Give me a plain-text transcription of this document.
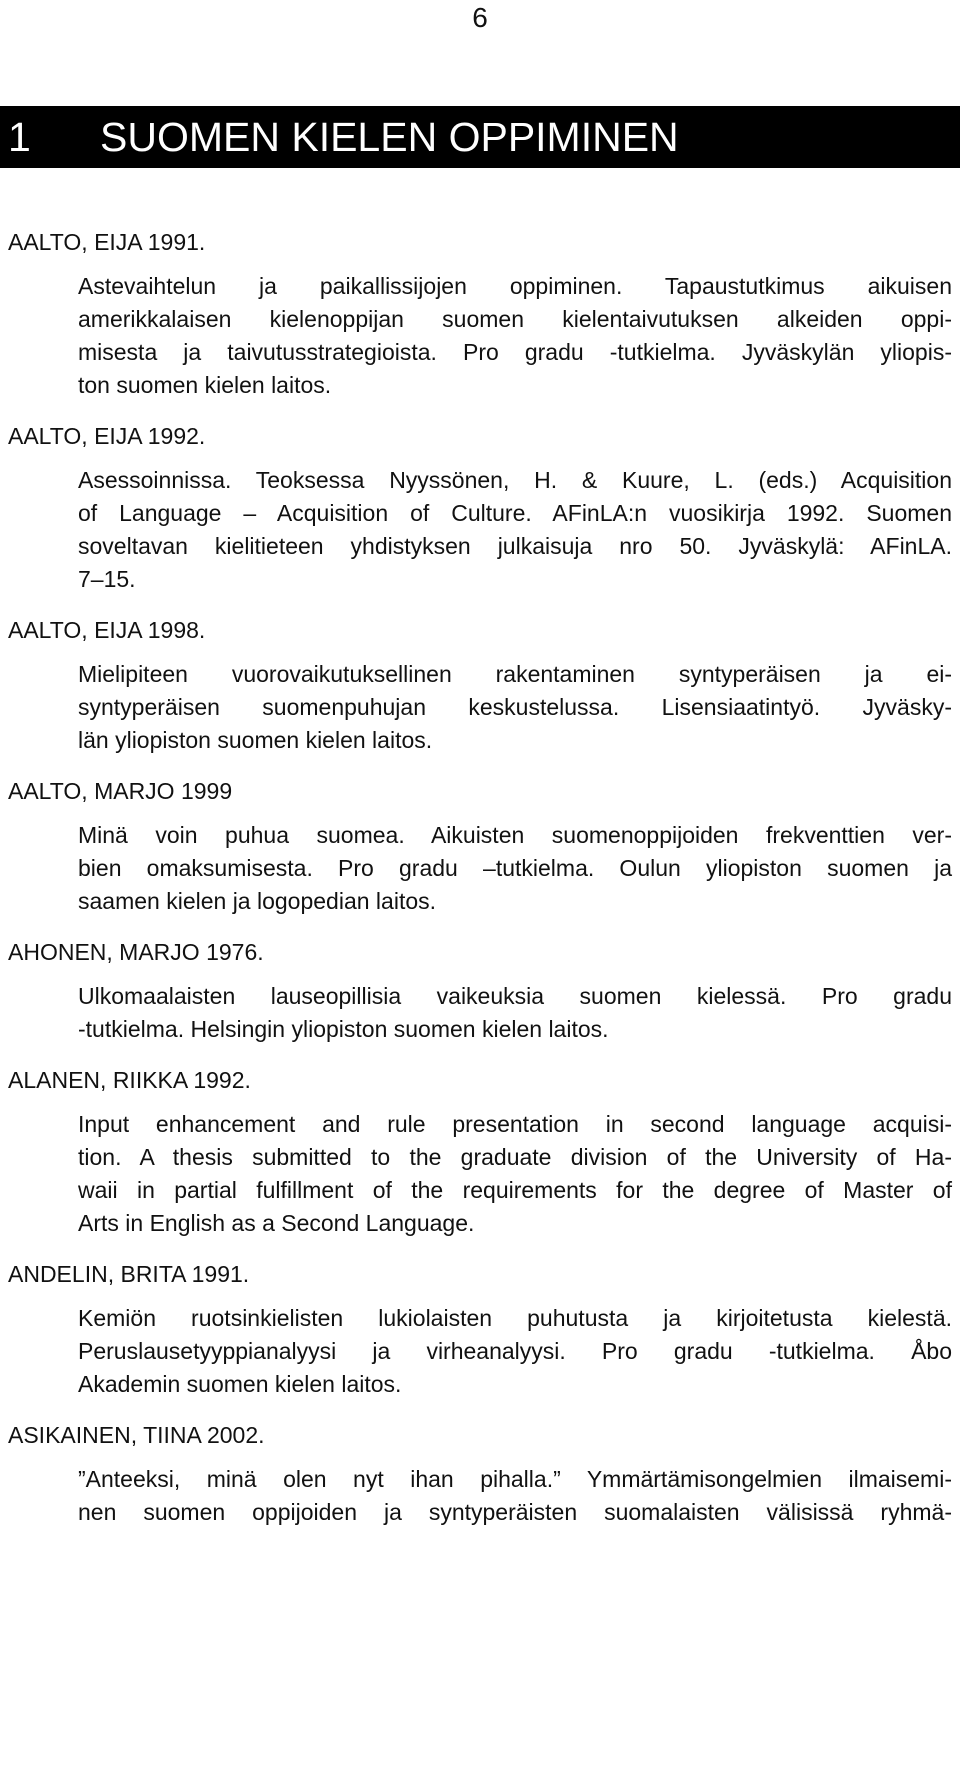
6
1 SUOMEN KIELEN OPPIMINEN
AALTO, EIJA 1991.
Astevaihtelun ja paikallissijojen oppiminen. Tapaustutkimus aikuisen
amerikkalaisen kielenoppijan suomen kielentaivutuksen alkeiden oppi-
misesta ja taivutusstrategioista. Pro gradu -tutkielma. Jyväskylän yliopis-
ton suomen kielen laitos.
AALTO, EIJA 1992.
Asessoinnissa. Teoksessa Nyyssönen, H. & Kuure, L. (eds.) Acquisition
of Language – Acquisition of Culture. AFinLA:n vuosikirja 1992. Suomen
soveltavan kielitieteen yhdistyksen julkaisuja nro 50. Jyväskylä: AFinLA.
7–15.
AALTO, EIJA 1998.
Mielipiteen vuorovaikutuksellinen rakentaminen syntyperäisen ja ei-
syntyperäisen suomenpuhujan keskustelussa. Lisensiaatintyö. Jyväsky-
län yliopiston suomen kielen laitos.
AALTO, MARJO 1999
Minä voin puhua suomea. Aikuisten suomenoppijoiden frekventtien ver-
bien omaksumisesta. Pro gradu –tutkielma. Oulun yliopiston suomen ja
saamen kielen ja logopedian laitos.
AHONEN, MARJO 1976.
Ulkomaalaisten lauseopillisia vaikeuksia suomen kielessä. Pro gradu
-tutkielma. Helsingin yliopiston suomen kielen laitos.
ALANEN, RIIKKA 1992.
Input enhancement and rule presentation in second language acquisi-
tion. A thesis submitted to the graduate division of the University of Ha-
waii in partial fulfillment of the requirements for the degree of Master of
Arts in English as a Second Language.
ANDELIN, BRITA 1991.
Kemiön ruotsinkielisten lukiolaisten puhutusta ja kirjoitetusta kielestä.
Peruslausetyyppianalyysi ja virheanalyysi. Pro gradu -tutkielma. Åbo
Akademin suomen kielen laitos.
ASIKAINEN, TIINA 2002.
”Anteeksi, minä olen nyt ihan pihalla.” Ymmärtämisongelmien ilmaisemi-
nen suomen oppijoiden ja syntyperäisten suomalaisten välisissä ryhmä-
